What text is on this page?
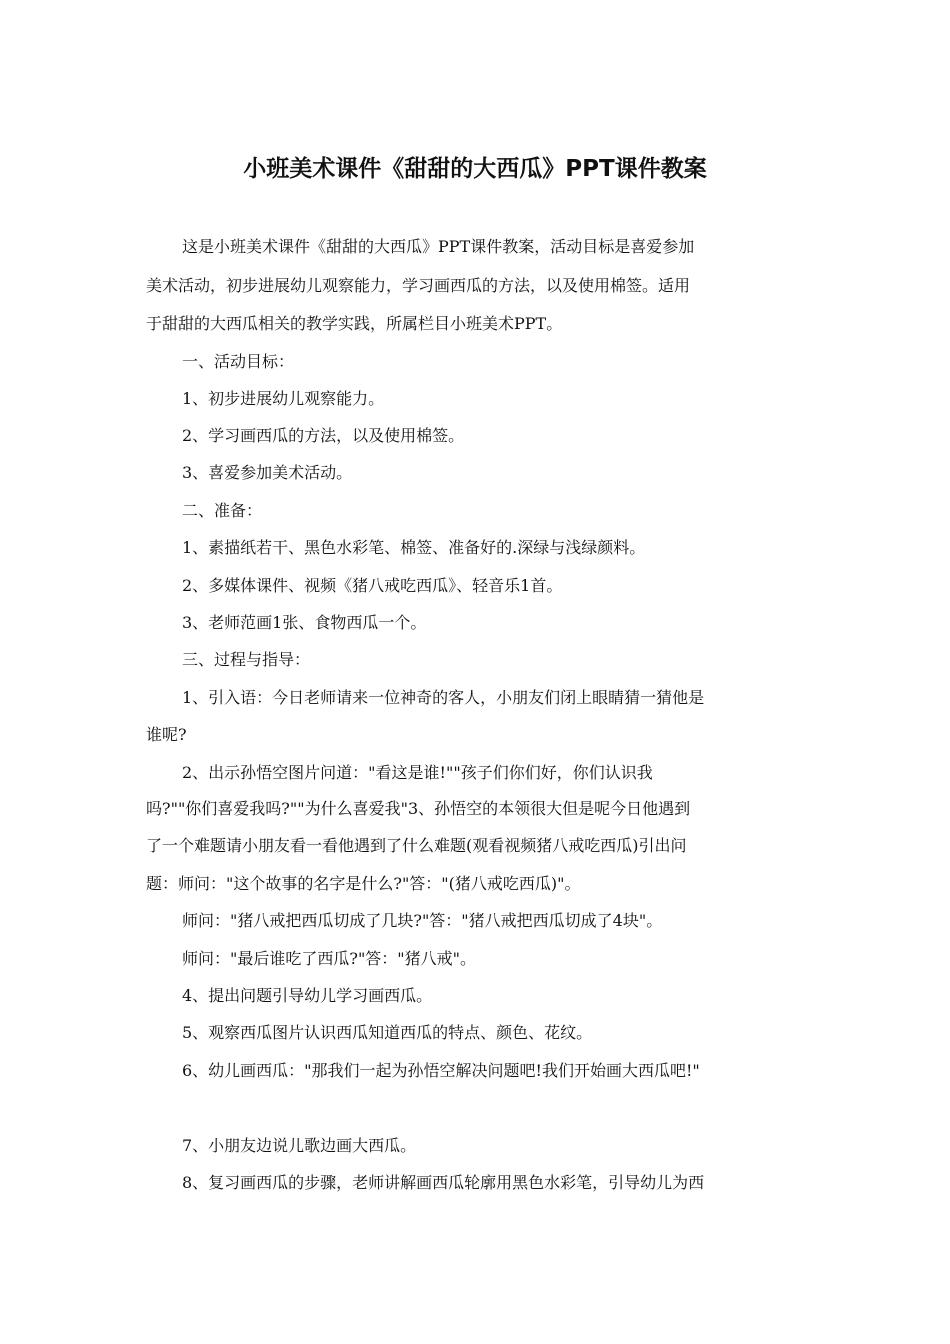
小班美术课件《甜甜的大西瓜》PPT课件教案
这是小班美术课件《甜甜的大西瓜》PPT课件教案，活动目标是喜爱参加
美术活动，初步进展幼儿观察能力，学习画西瓜的方法，以及使用棉签。适用
于甜甜的大西瓜相关的教学实践，所属栏目小班美术PPT。
一、活动目标：
1、初步进展幼儿观察能力。
2、学习画西瓜的方法，以及使用棉签。
3、喜爱参加美术活动。
二、准备：
1、素描纸若干、黑色水彩笔、棉签、准备好的.深绿与浅绿颜料。
2、多媒体课件、视频《猪八戒吃西瓜》、轻音乐1首。
3、老师范画1张、食物西瓜一个。
三、过程与指导：
1、引入语：今日老师请来一位神奇的客人，小朋友们闭上眼睛猜一猜他是
谁呢?
2、出示孙悟空图片问道："看这是谁!""孩子们你们好，你们认识我
吗?""你们喜爱我吗?""为什么喜爱我"3、孙悟空的本领很大但是呢今日他遇到
了一个难题请小朋友看一看他遇到了什么难题(观看视频猪八戒吃西瓜)引出问
题：师问："这个故事的名字是什么?"答："(猪八戒吃西瓜)"。
师问："猪八戒把西瓜切成了几块?"答："猪八戒把西瓜切成了4块"。
师问："最后谁吃了西瓜?"答："猪八戒"。
4、提出问题引导幼儿学习画西瓜。
5、观察西瓜图片认识西瓜知道西瓜的特点、颜色、花纹。
6、幼儿画西瓜："那我们一起为孙悟空解决问题吧!我们开始画大西瓜吧!"
7、小朋友边说儿歌边画大西瓜。
8、复习画西瓜的步骤，老师讲解画西瓜轮廓用黑色水彩笔，引导幼儿为西
